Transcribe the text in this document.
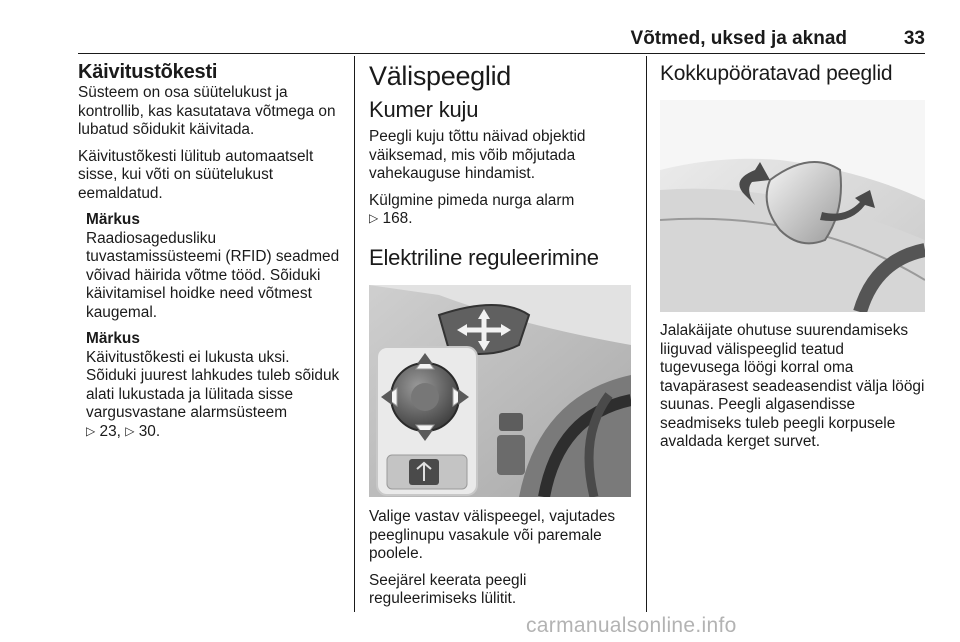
Võtmed, uksed ja aknad	33
Käivitustõkesti

Süsteem on osa süütelukust ja kontrollib, kas kasutatava võtmega on lubatud sõidukit käivitada.

Käivitustõkesti lülitub automaatselt sisse, kui võti on süütelukust eemaldatud.

Märkus

Raadiosagedusliku tuvastamissüsteemi (RFID) seadmed võivad häirida võtme tööd. Sõiduki käivitamisel hoidke need võtmest kaugemal.

Märkus

Käivitustõkesti ei lukusta uksi. Sõiduki juurest lahkudes tuleb sõiduk alati lukustada ja lülitada sisse vargusvastane alarmsüsteem
▷ 23, ▷ 30.

Välispeeglid
Kumer kuju

Peegli kuju tõttu näivad objektid väiksemad, mis võib mõjutada vahekauguse hindamist.

Külgmine pimeda nurga alarm
▷ 168.

Elektriline reguleerimine

Valige vastav välispeegel, vajutades peeglinupu vasakule või paremale poolele.

Seejärel keerata peegli reguleerimiseks lülitit.

Kokkupööratavad peeglid

Jalakäijate ohutuse suurendamiseks liiguvad välispeeglid teatud tugevusega löögi korral oma tavapärasest seadeasendist välja löögi suunas. Peegli algasendisse seadmiseks tuleb peegli korpusele avaldada kerget survet.

carmanualsonline.info
